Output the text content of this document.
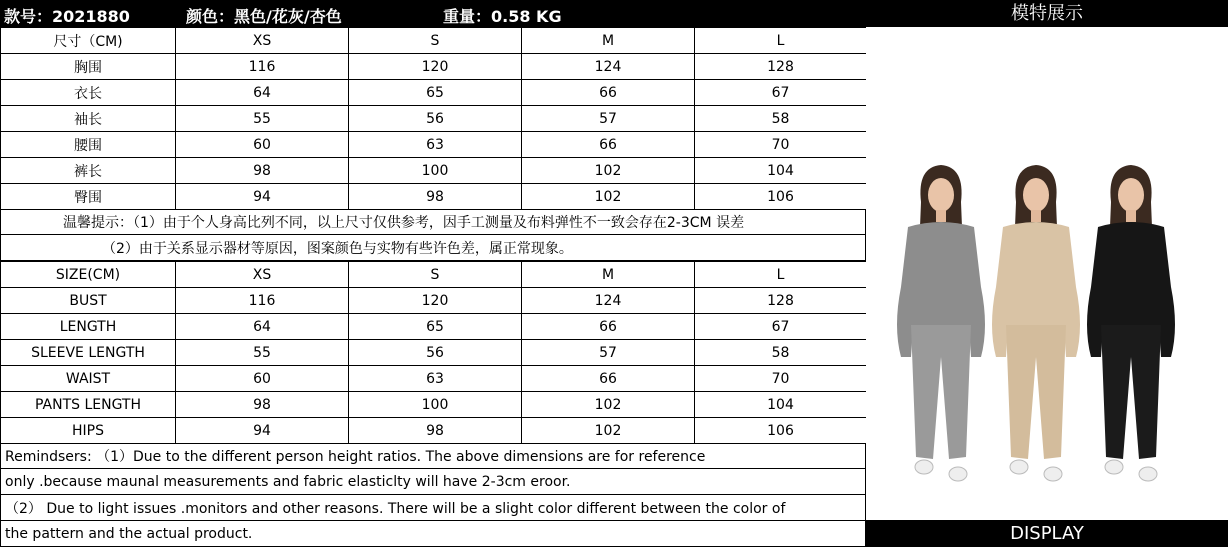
款号：2021880	颜色：黑色/花灰/杏色	重量：0.58 KG
尺寸（CM)	XS	S	M	L
胸围	116	120	124	128
衣长	64	65	66	67
袖长	55	56	57	58
腰围	60	63	66	70
裤长	98	100	102	104
臀围	94	98	102	106
温馨提示：（1）由于个人身高比列不同，以上尺寸仅供参考，因手工测量及布料弹性不一致会存在2-3CM 误差
（2）由于关系显示器材等原因，图案颜色与实物有些许色差，属正常现象。
SIZE(CM)	XS	S	M	L
BUST	116	120	124	128
LENGTH	64	65	66	67
SLEEVE LENGTH	55	56	57	58
WAIST	60	63	66	70
PANTS LENGTH	98	100	102	104
HIPS	94	98	102	106
Remindsers: （1）Due to the different person height ratios. The above dimensions are for reference
only .because maunal measurements and fabric elasticlty will have 2-3cm eroor.
（2） Due to light issues .monitors and other reasons. There will be a slight color different between the color of
the pattern and the actual product.
模特展示
DISPLAY
